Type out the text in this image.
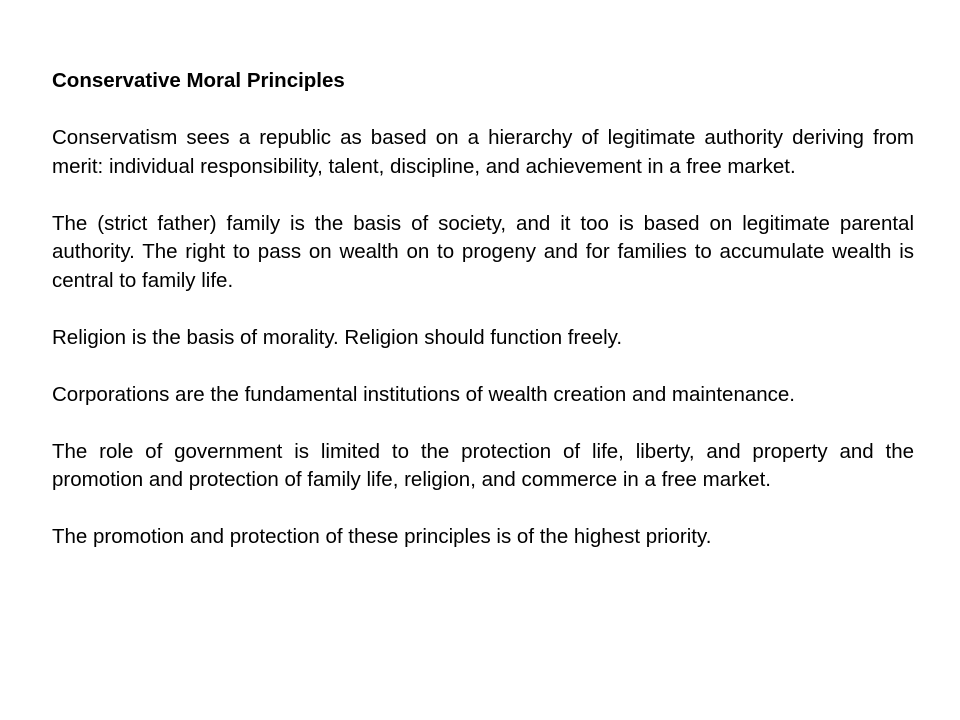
Conservative Moral Principles
Conservatism sees a republic as based on a hierarchy of legitimate authority deriving from merit: individual responsibility, talent, discipline, and achievement in a free market.
The (strict father) family is the basis of society, and it too is based on legitimate parental authority. The right to pass on wealth on to progeny and for families to accumulate wealth is central to family life.
Religion is the basis of morality. Religion should function freely.
Corporations are the fundamental institutions of wealth creation and maintenance.
The role of government is limited to the protection of life, liberty, and property and the promotion and protection of family life, religion, and commerce in a free market.
The promotion and protection of these principles is of the highest priority.
